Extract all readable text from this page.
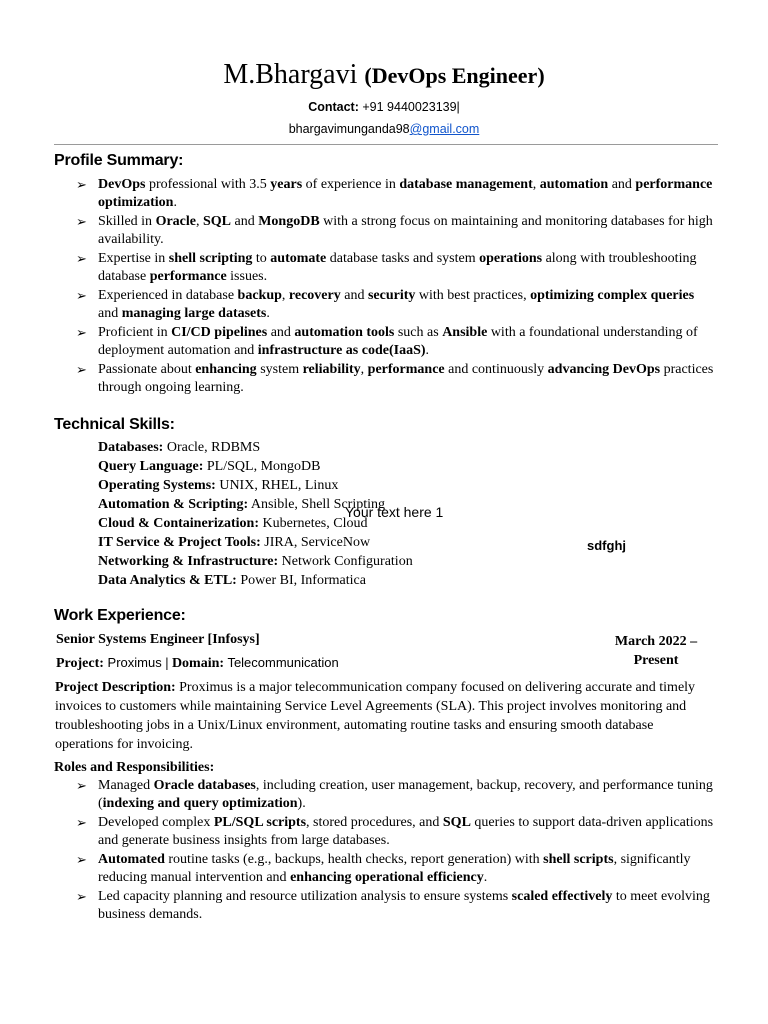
M.Bhargavi (DevOps Engineer)
Contact: +91 9440023139|
bhargavimunganda98@gmail.com
Profile Summary:
➢ DevOps professional with 3.5 years of experience in database management, automation and performance optimization.
➢ Skilled in Oracle, SQL and MongoDB with a strong focus on maintaining and monitoring databases for high availability.
➢ Expertise in shell scripting to automate database tasks and system operations along with troubleshooting database performance issues.
➢ Experienced in database backup, recovery and security with best practices, optimizing complex queries and managing large datasets.
➢ Proficient in CI/CD pipelines and automation tools such as Ansible with a foundational understanding of deployment automation and infrastructure as code(IaaS).
➢ Passionate about enhancing system reliability, performance and continuously advancing DevOps practices through ongoing learning.
Technical Skills:
Databases: Oracle, RDBMS
Query Language: PL/SQL, MongoDB
Operating Systems: UNIX, RHEL, Linux
Automation & Scripting: Ansible, Shell Scripting
Cloud & Containerization: Kubernetes, Cloud
IT Service & Project Tools: JIRA, ServiceNow
Networking & Infrastructure: Network Configuration
Data Analytics & ETL: Power BI, Informatica
Your text here 1
sdfghj
Work Experience:
Senior Systems Engineer [Infosys]	March 2022 –
Present
Project: Proximus | Domain: Telecommunication
Project Description: Proximus is a major telecommunication company focused on delivering accurate and timely invoices to customers while maintaining Service Level Agreements (SLA). This project involves monitoring and troubleshooting jobs in a Unix/Linux environment, automating routine tasks and ensuring smooth database operations for invoicing.
Roles and Responsibilities:
➢ Managed Oracle databases, including creation, user management, backup, recovery, and performance tuning (indexing and query optimization).
➢ Developed complex PL/SQL scripts, stored procedures, and SQL queries to support data-driven applications and generate business insights from large databases.
➢ Automated routine tasks (e.g., backups, health checks, report generation) with shell scripts, significantly reducing manual intervention and enhancing operational efficiency.
➢ Led capacity planning and resource utilization analysis to ensure systems scaled effectively to meet evolving business demands.
